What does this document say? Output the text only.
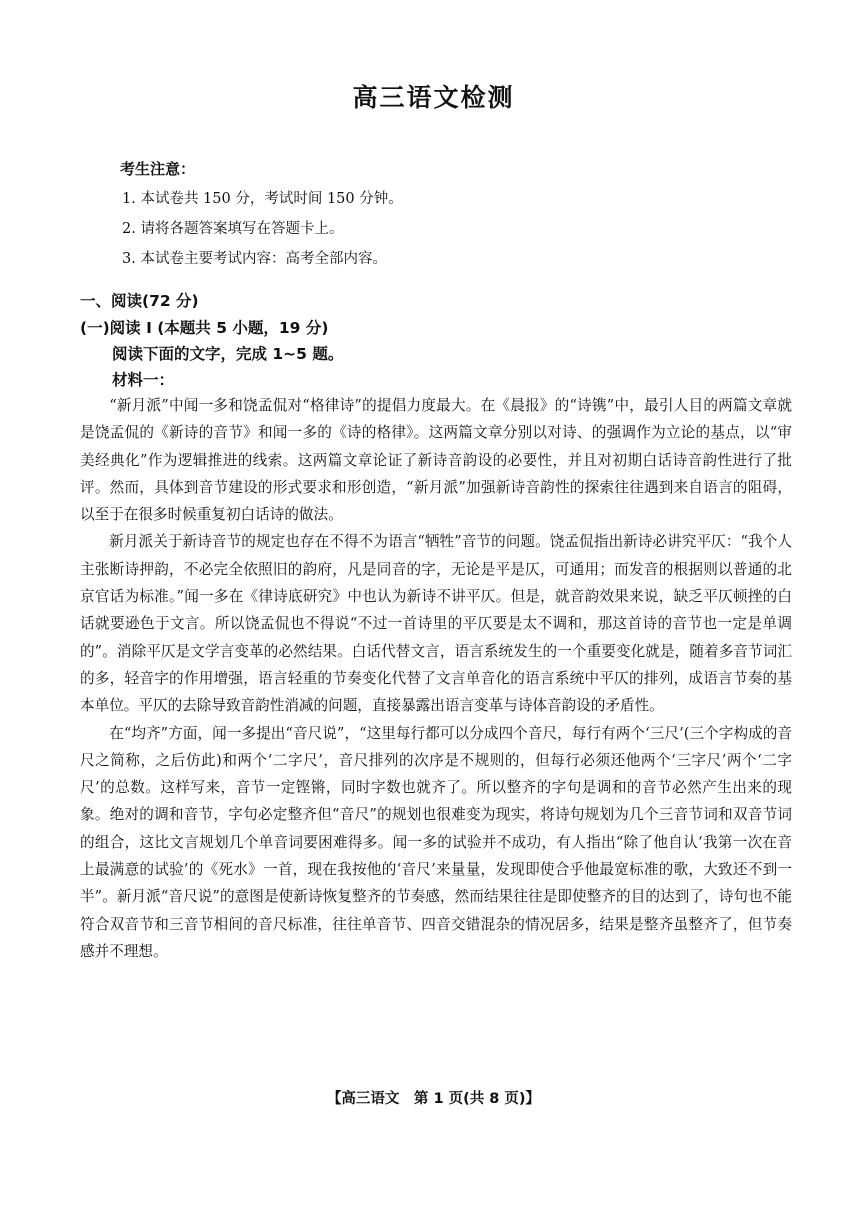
高三语文检测
考生注意：
1. 本试卷共 150 分，考试时间 150 分钟。
2. 请将各题答案填写在答题卡上。
3. 本试卷主要考试内容：高考全部内容。
一、阅读(72 分)
(一)阅读 I (本题共 5 小题，19 分)
阅读下面的文字，完成 1~5 题。
材料一：

“新月派”中闻一多和饶孟侃对“格律诗”的提倡力度最大。在《晨报》的“诗镌”中，最引人目的两篇文章就是饶孟侃的《新诗的音节》和闻一多的《诗的格律》。这两篇文章分别以对诗、的强调作为立论的基点，以“审美经典化”作为逻辑推进的线索。这两篇文章论证了新诗音韵设的必要性，并且对初期白话诗音韵性进行了批评。然而，具体到音节建设的形式要求和形创造，“新月派”加强新诗音韵性的探索往往遇到来自语言的阻碍，以至于在很多时候重复初白话诗的做法。

新月派关于新诗音节的规定也存在不得不为语言“牺牲”音节的问题。饶孟侃指出新诗必讲究平仄：“我个人主张断诗押韵，不必完全依照旧的韵府，凡是同音的字，无论是平是仄，可通用；而发音的根据则以普通的北京官话为标准。”闻一多在《律诗底研究》中也认为新诗不讲平仄。但是，就音韵效果来说，缺乏平仄顿挫的白话就要逊色于文言。所以饶孟侃也不得说“不过一首诗里的平仄要是太不调和，那这首诗的音节也一定是单调的”。消除平仄是文学言变革的必然结果。白话代替文言，语言系统发生的一个重要变化就是，随着多音节词汇的多，轻音字的作用增强，语言轻重的节奏变化代替了文言单音化的语言系统中平仄的排列，成语言节奏的基本单位。平仄的去除导致音韵性消减的问题，直接暴露出语言变革与诗体音韵设的矛盾性。

在“均齐”方面，闻一多提出“音尺说”，“这里每行都可以分成四个音尺，每行有两个‘三尺’(三个字构成的音尺之简称，之后仿此)和两个‘二字尺’，音尺排列的次序是不规则的，但每行必须还他两个‘三字尺’两个‘二字尺’的总数。这样写来，音节一定铿锵，同时字数也就齐了。所以整齐的字句是调和的音节必然产生出来的现象。绝对的调和音节，字句必定整齐但“音尺”的规划也很难变为现实，将诗句规划为几个三音节词和双音节词的组合，这比文言规划几个单音词要困难得多。闻一多的试验并不成功，有人指出“除了他自认‘我第一次在音上最满意的试验’的《死水》一首，现在我按他的‘音尺’来量量，发现即使合乎他最宽标准的歌，大致还不到一半”。新月派“音尺说”的意图是使新诗恢复整齐的节奏感，然而结果往往是即使整齐的目的达到了，诗句也不能符合双音节和三音节相间的音尺标准，往往单音节、四音交错混杂的情况居多，结果是整齐虽整齐了，但节奏感并不理想。

【高三语文　第 1 页(共 8 页)】
